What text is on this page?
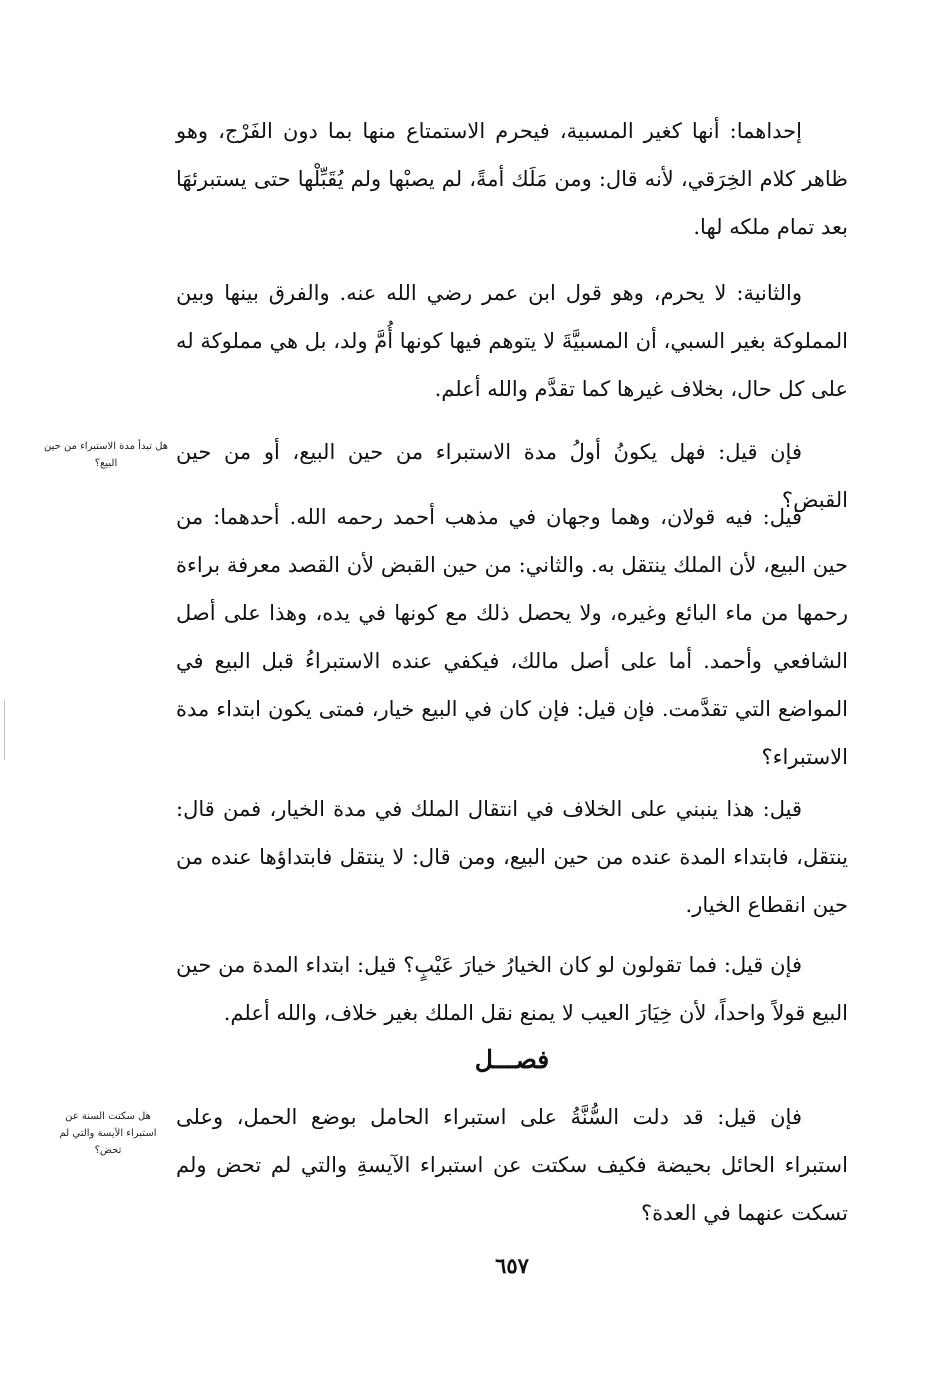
إحداهما: أنها كغير المسبية، فيحرم الاستمتاع منها بما دون الفَرْج، وهو ظاهر كلام الخِرَقي، لأنه قال: ومن مَلَك أمةً، لم يصبْها ولم يُقَبِّلْها حتى يستبرئهَا بعد تمام ملكه لها.

والثانية: لا يحرم، وهو قول ابن عمر رضي الله عنه. والفرق بينها وبين المملوكة بغير السبي، أن المسبيَّةَ لا يتوهم فيها كونها أُمَّ ولد، بل هي مملوكة له على كل حال، بخلاف غيرها كما تقدَّم والله أعلم.

فإن قيل: فهل يكونُ أولُ مدة الاستبراء من حين البيع، أو من حين القبض؟

قيل: فيه قولان، وهما وجهان في مذهب أحمد رحمه الله. أحدهما: من حين البيع، لأن الملك ينتقل به. والثاني: من حين القبض لأن القصد معرفة براءة رحمها من ماء البائع وغيره، ولا يحصل ذلك مع كونها في يده، وهذا على أصل الشافعي وأحمد. أما على أصل مالك، فيكفي عنده الاستبراءُ قبل البيع في المواضع التي تقدَّمت. فإن قيل: فإن كان في البيع خيار، فمتى يكون ابتداء مدة الاستبراء؟

قيل: هذا ينبني على الخلاف في انتقال الملك في مدة الخيار، فمن قال: ينتقل، فابتداء المدة عنده من حين البيع، ومن قال: لا ينتقل فابتداؤها عنده من حين انقطاع الخيار.

فإن قيل: فما تقولون لو كان الخيارُ خيارَ عَيْبٍ؟ قيل: ابتداء المدة من حين البيع قولاً واحداً، لأن خِيَارَ العيب لا يمنع نقل الملك بغير خلاف، والله أعلم.

فصـــل

فإن قيل: قد دلت السُّنَّةُ على استبراء الحامل بوضع الحمل، وعلى استبراء الحائل بحيضة فكيف سكتت عن استبراء الآيسةِ والتي لم تحض ولم تسكت عنهما في العدة؟

هل تبدأ مدة الاستبراء من حين البيع؟
هل سكتت السنة عن استبراء الآيسة والتي لم تحض؟
٦٥٧
